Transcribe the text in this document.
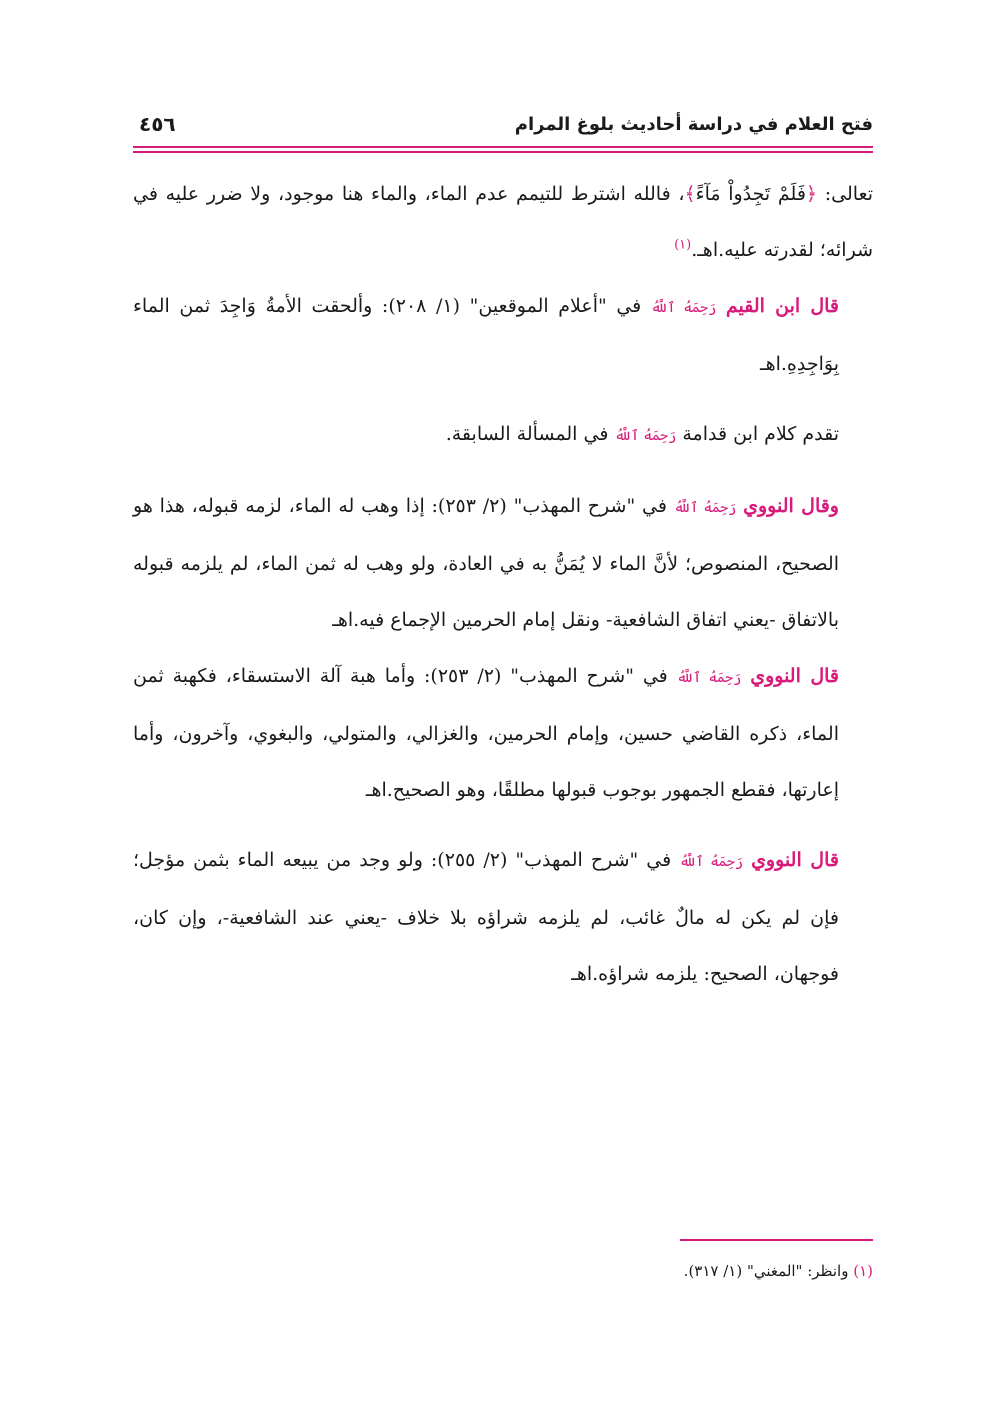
فتح العلام في دراسة أحاديث بلوغ المرام
٤٥٦

تعالى: ﴿فَلَمْ تَجِدُواْ مَآءً﴾، فالله اشترط للتيمم عدم الماء، والماء هنا موجود، ولا ضرر عليه في شرائه؛ لقدرته عليه.اهـ.$^{(١)}$

قال ابن القيم رَحِمَهُ ٱللَّهُ في "أعلام الموقعين" (١/ ٢٠٨): وألحقت الأمةُ وَاجِدَ ثمن الماء بِوَاجِدِهِ.اهـ

تقدم كلام ابن قدامة رَحِمَهُ ٱللَّهُ في المسألة السابقة.

وقال النووي رَحِمَهُ ٱللَّهُ في "شرح المهذب" (٢/ ٢٥٣): إذا وهب له الماء، لزمه قبوله، هذا هو الصحيح، المنصوص؛ لأنَّ الماء لا يُمَنُّ به في العادة، ولو وهب له ثمن الماء، لم يلزمه قبوله بالاتفاق -يعني اتفاق الشافعية- ونقل إمام الحرمين الإجماع فيه.اهـ

قال النووي رَحِمَهُ ٱللَّهُ في "شرح المهذب" (٢/ ٢٥٣): وأما هبة آلة الاستسقاء، فكهبة ثمن الماء، ذكره القاضي حسين، وإمام الحرمين، والغزالي، والمتولي، والبغوي، وآخرون، وأما إعارتها، فقطع الجمهور بوجوب قبولها مطلقًا، وهو الصحيح.اهـ

قال النووي رَحِمَهُ ٱللَّهُ في "شرح المهذب" (٢/ ٢٥٥): ولو وجد من يبيعه الماء بثمن مؤجل؛ فإن لم يكن له مالٌ غائب، لم يلزمه شراؤه بلا خلاف -يعني عند الشافعية-، وإن كان، فوجهان، الصحيح: يلزمه شراؤه.اهـ

(١) وانظر: "المغني" (١/ ٣١٧).
